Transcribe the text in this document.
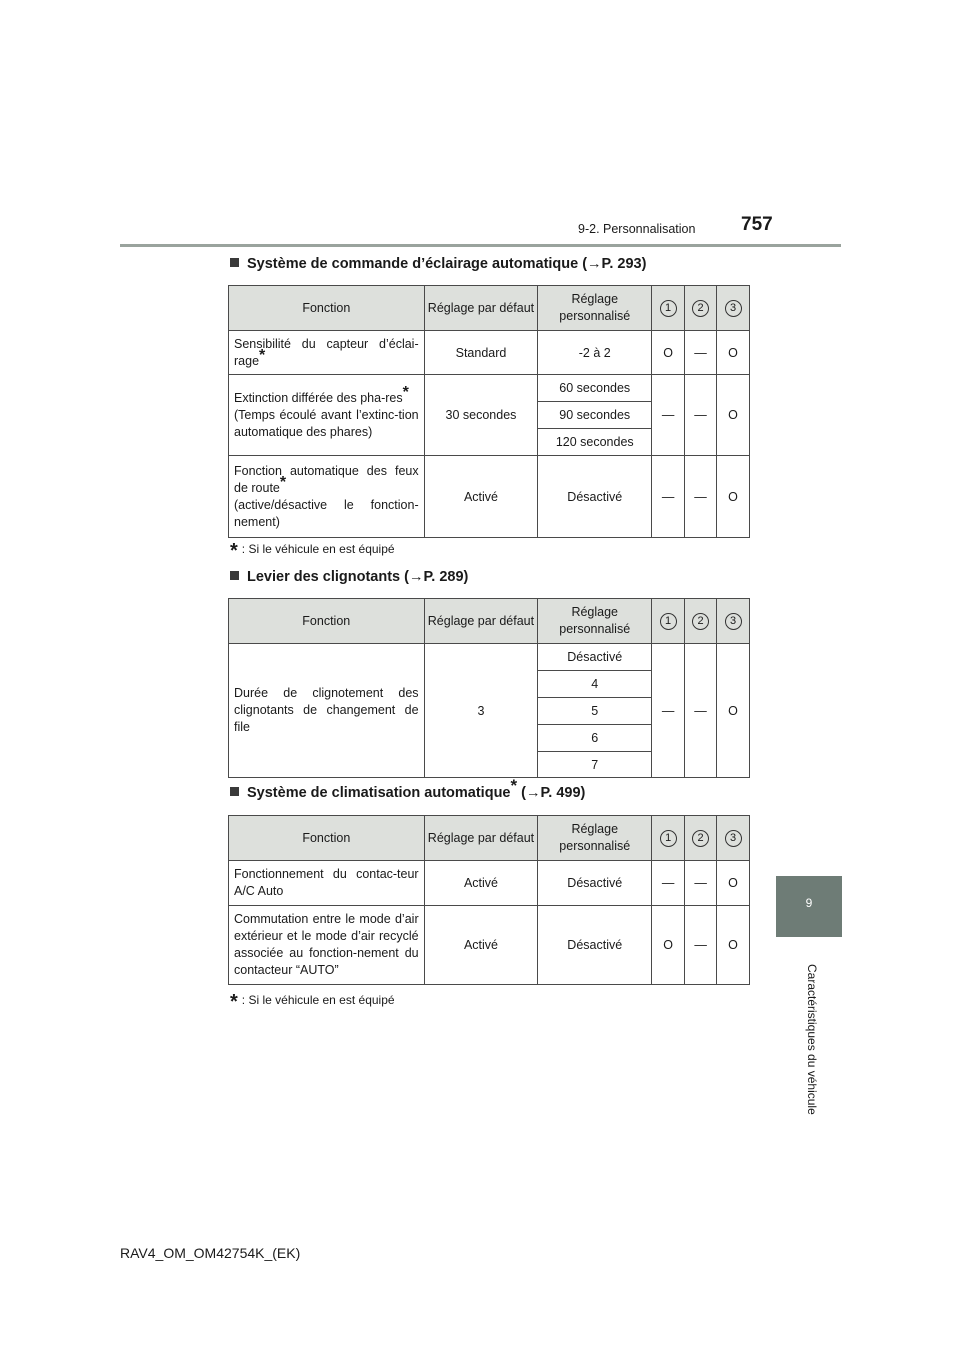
9-2. Personnalisation 757
9
Caractéristiques du véhicule
Système de commande d’éclairage automatique (→P. 293)
Fonction	Réglage par défaut	Réglage personnalisé	1	2	3
Sensibilité du capteur d’éclai-rage*	Standard	-2 à 2	O	—	O
Extinction différée des pha-res*
(Temps écoulé avant l’extinc-tion automatique des phares)	30 secondes	60 secondes	—	—	O
		90 secondes			
		120 secondes			
Fonction automatique des feux de route*
(active/désactive le fonction-nement)	Activé	Désactivé	—	—	O
* : Si le véhicule en est équipé
Levier des clignotants (→P. 289)
Fonction	Réglage par défaut	Réglage personnalisé	1	2	3
Durée de clignotement des clignotants de changement de file	3	Désactivé	—	—	O
		4			
		5			
		6			
		7			
Système de climatisation automatique* (→P. 499)
Fonction	Réglage par défaut	Réglage personnalisé	1	2	3
Fonctionnement du contac-teur A/C Auto	Activé	Désactivé	—	—	O
Commutation entre le mode d’air extérieur et le mode d’air recyclé associée au fonction-nement du contacteur “AUTO”	Activé	Désactivé	O	—	O
* : Si le véhicule en est équipé
RAV4_OM_OM42754K_(EK)
